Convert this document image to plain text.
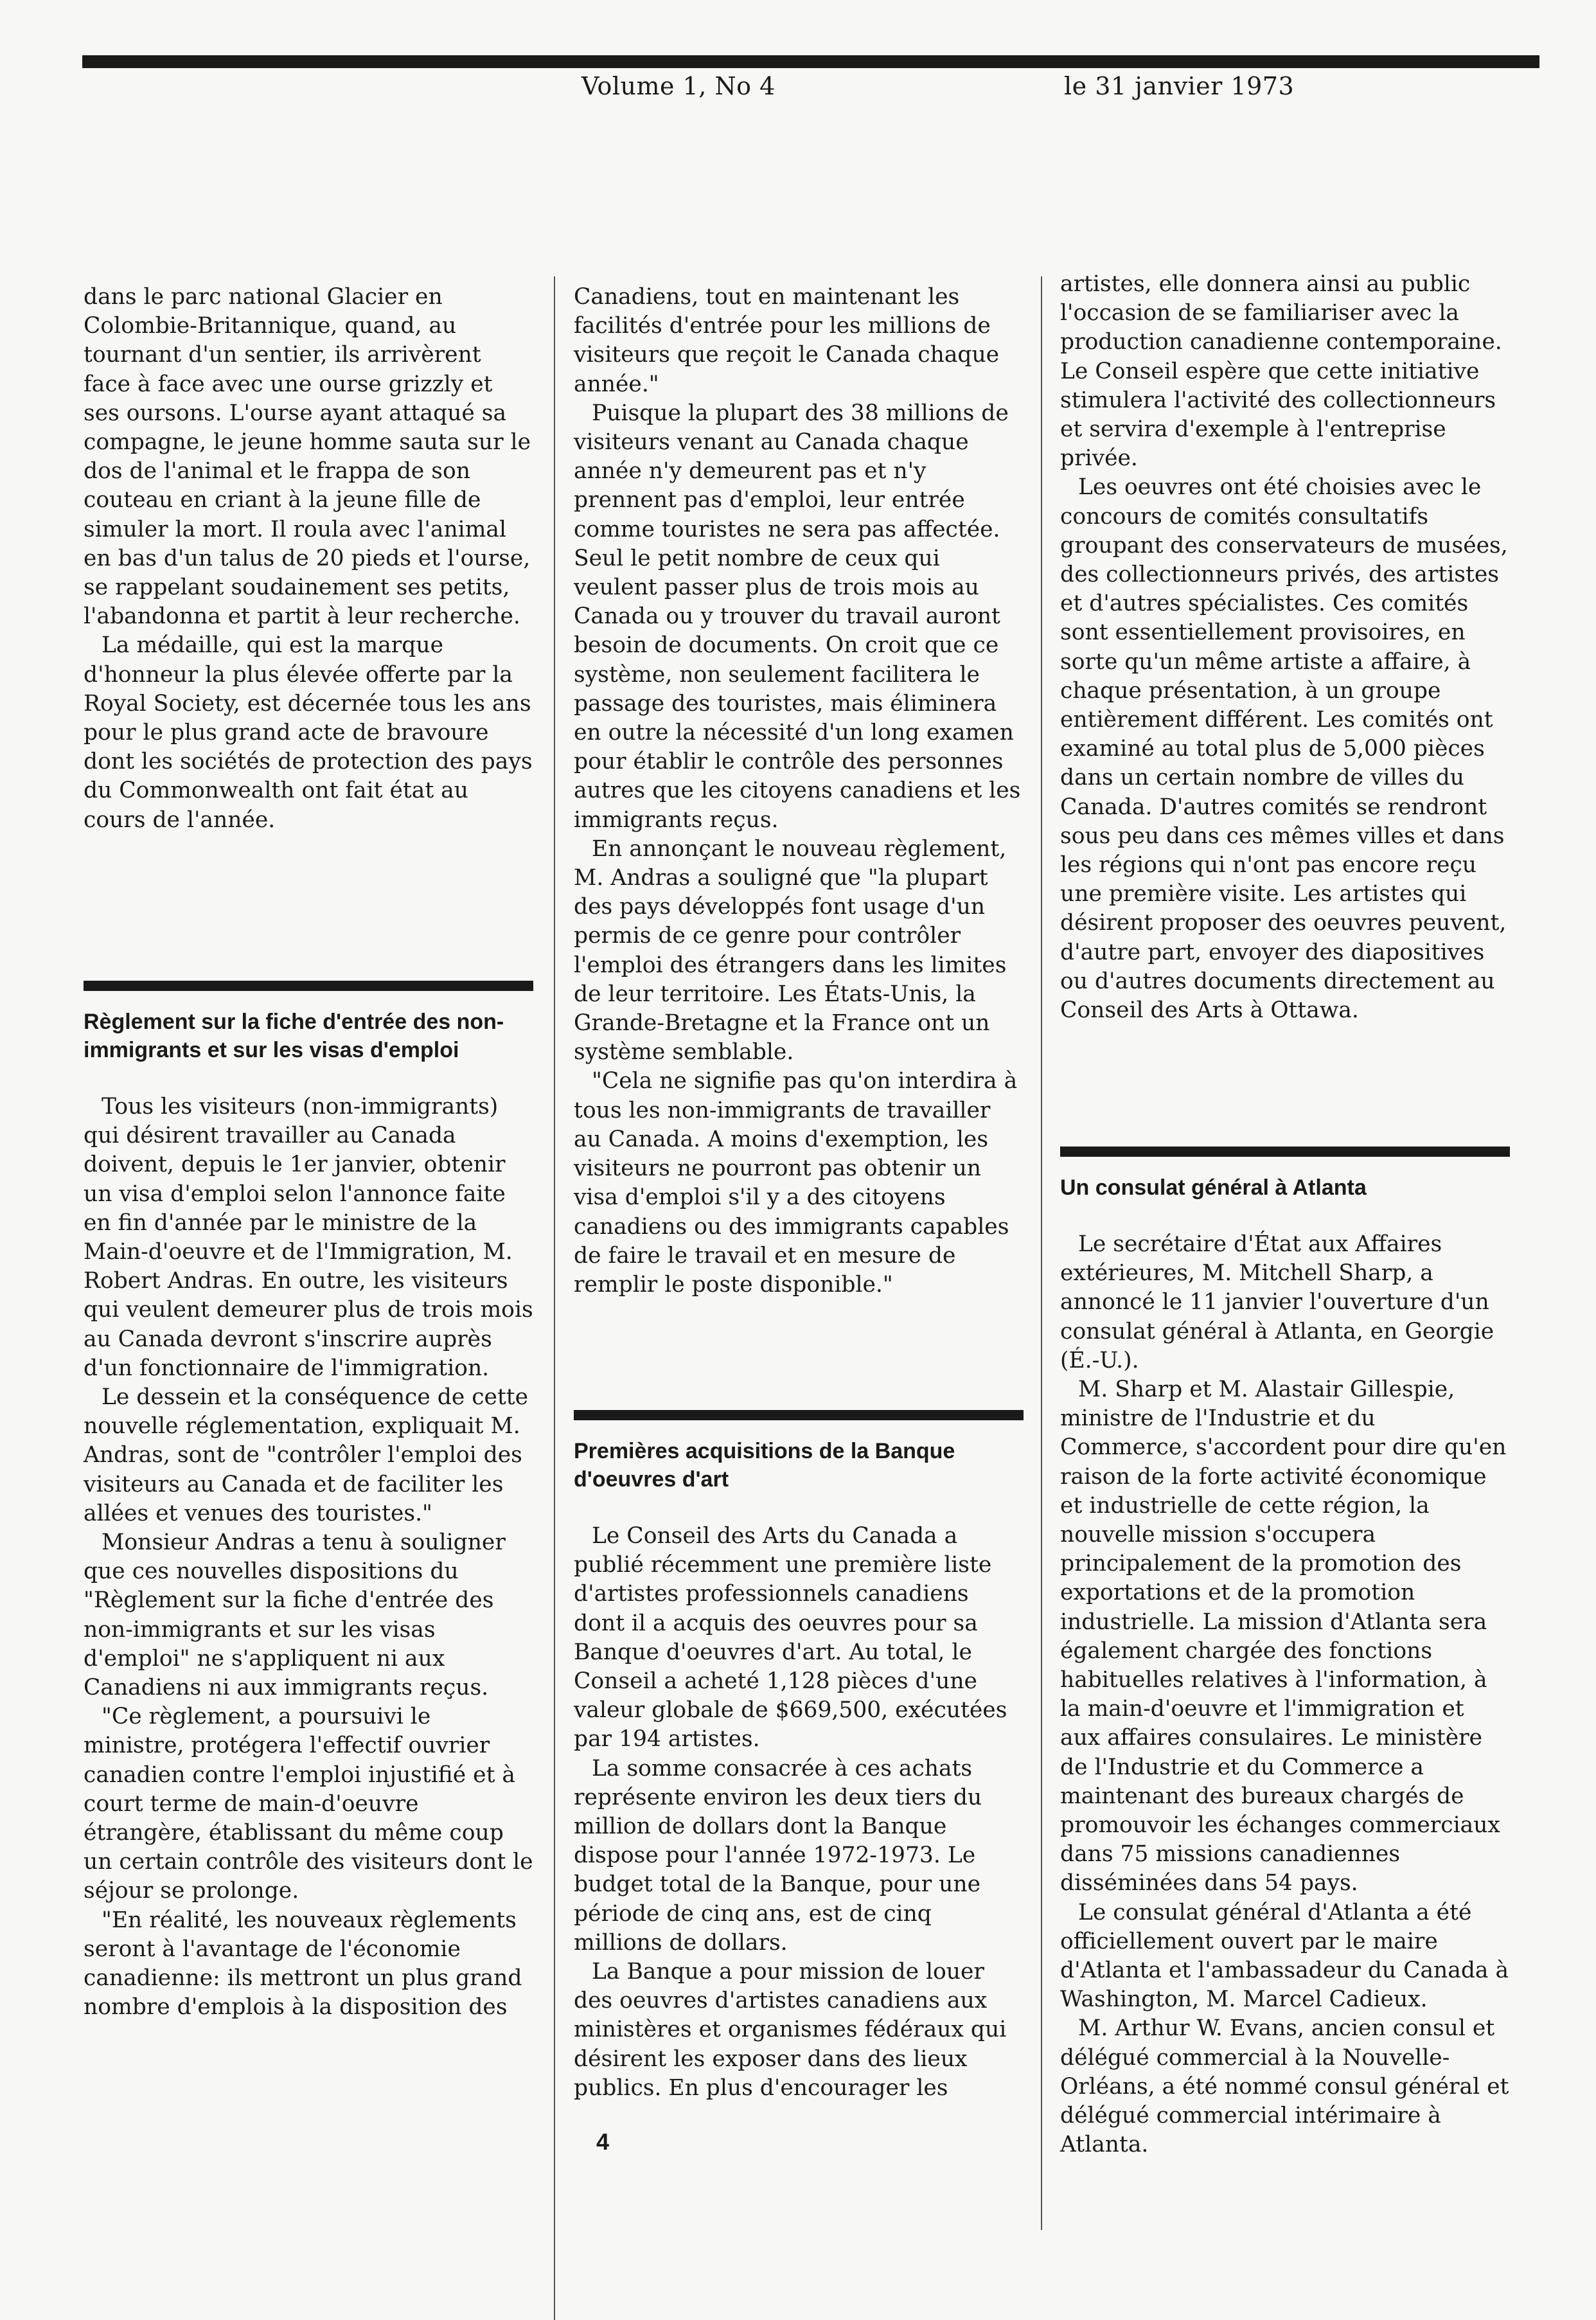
Volume 1, No 4	le 31 janvier 1973

dans le parc national Glacier en Colombie-Britannique, quand, au tournant d'un sentier, ils arrivèrent face à face avec une ourse grizzly et ses oursons. L'ourse ayant attaqué sa compagne, le jeune homme sauta sur le dos de l'animal et le frappa de son couteau en criant à la jeune fille de simuler la mort. Il roula avec l'animal en bas d'un talus de 20 pieds et l'ourse, se rappelant soudainement ses petits, l'abandonna et partit à leur recherche.

La médaille, qui est la marque d'honneur la plus élevée offerte par la Royal Society, est décernée tous les ans pour le plus grand acte de bravoure dont les sociétés de protection des pays du Commonwealth ont fait état au cours de l'année.

Règlement sur la fiche d'entrée des non-immigrants et sur les visas d'emploi

Tous les visiteurs (non-immigrants) qui désirent travailler au Canada doivent, depuis le 1er janvier, obtenir un visa d'emploi selon l'annonce faite en fin d'année par le ministre de la Main-d'oeuvre et de l'Immigration, M. Robert Andras. En outre, les visiteurs qui veulent demeurer plus de trois mois au Canada devront s'inscrire auprès d'un fonctionnaire de l'immigration.

Le dessein et la conséquence de cette nouvelle réglementation, expliquait M. Andras, sont de "contrôler l'emploi des visiteurs au Canada et de faciliter les allées et venues des touristes."

Monsieur Andras a tenu à souligner que ces nouvelles dispositions du "Règlement sur la fiche d'entrée des non-immigrants et sur les visas d'emploi" ne s'appliquent ni aux Canadiens ni aux immigrants reçus.

"Ce règlement, a poursuivi le ministre, protégera l'effectif ouvrier canadien contre l'emploi injustifié et à court terme de main-d'oeuvre étrangère, établissant du même coup un certain contrôle des visiteurs dont le séjour se prolonge.

"En réalité, les nouveaux règlements seront à l'avantage de l'économie canadienne: ils mettront un plus grand nombre d'emplois à la disposition des

Canadiens, tout en maintenant les facilités d'entrée pour les millions de visiteurs que reçoit le Canada chaque année."

Puisque la plupart des 38 millions de visiteurs venant au Canada chaque année n'y demeurent pas et n'y prennent pas d'emploi, leur entrée comme touristes ne sera pas affectée. Seul le petit nombre de ceux qui veulent passer plus de trois mois au Canada ou y trouver du travail auront besoin de documents. On croit que ce système, non seulement facilitera le passage des touristes, mais éliminera en outre la nécessité d'un long examen pour établir le contrôle des personnes autres que les citoyens canadiens et les immigrants reçus.

En annonçant le nouveau règlement, M. Andras a souligné que "la plupart des pays développés font usage d'un permis de ce genre pour contrôler l'emploi des étrangers dans les limites de leur territoire. Les États-Unis, la Grande-Bretagne et la France ont un système semblable.

"Cela ne signifie pas qu'on interdira à tous les non-immigrants de travailler au Canada. A moins d'exemption, les visiteurs ne pourront pas obtenir un visa d'emploi s'il y a des citoyens canadiens ou des immigrants capables de faire le travail et en mesure de remplir le poste disponible."

Premières acquisitions de la Banque d'oeuvres d'art

Le Conseil des Arts du Canada a publié récemment une première liste d'artistes professionnels canadiens dont il a acquis des oeuvres pour sa Banque d'oeuvres d'art. Au total, le Conseil a acheté 1,128 pièces d'une valeur globale de $669,500, exécutées par 194 artistes.

La somme consacrée à ces achats représente environ les deux tiers du million de dollars dont la Banque dispose pour l'année 1972-1973. Le budget total de la Banque, pour une période de cinq ans, est de cinq millions de dollars.

La Banque a pour mission de louer des oeuvres d'artistes canadiens aux ministères et organismes fédéraux qui désirent les exposer dans des lieux publics. En plus d'encourager les

artistes, elle donnera ainsi au public l'occasion de se familiariser avec la production canadienne contemporaine. Le Conseil espère que cette initiative stimulera l'activité des collectionneurs et servira d'exemple à l'entreprise privée.

Les oeuvres ont été choisies avec le concours de comités consultatifs groupant des conservateurs de musées, des collectionneurs privés, des artistes et d'autres spécialistes. Ces comités sont essentiellement provisoires, en sorte qu'un même artiste a affaire, à chaque présentation, à un groupe entièrement différent. Les comités ont examiné au total plus de 5,000 pièces dans un certain nombre de villes du Canada. D'autres comités se rendront sous peu dans ces mêmes villes et dans les régions qui n'ont pas encore reçu une première visite. Les artistes qui désirent proposer des oeuvres peuvent, d'autre part, envoyer des diapositives ou d'autres documents directement au Conseil des Arts à Ottawa.

Un consulat général à Atlanta

Le secrétaire d'État aux Affaires extérieures, M. Mitchell Sharp, a annoncé le 11 janvier l'ouverture d'un consulat général à Atlanta, en Georgie (É.-U.).

M. Sharp et M. Alastair Gillespie, ministre de l'Industrie et du Commerce, s'accordent pour dire qu'en raison de la forte activité économique et industrielle de cette région, la nouvelle mission s'occupera principalement de la promotion des exportations et de la promotion industrielle. La mission d'Atlanta sera également chargée des fonctions habituelles relatives à l'information, à la main-d'oeuvre et l'immigration et aux affaires consulaires. Le ministère de l'Industrie et du Commerce a maintenant des bureaux chargés de promouvoir les échanges commerciaux dans 75 missions canadiennes disséminées dans 54 pays.

Le consulat général d'Atlanta a été officiellement ouvert par le maire d'Atlanta et l'ambassadeur du Canada à Washington, M. Marcel Cadieux.

M. Arthur W. Evans, ancien consul et délégué commercial à la Nouvelle-Orléans, a été nommé consul général et délégué commercial intérimaire à Atlanta.

4
